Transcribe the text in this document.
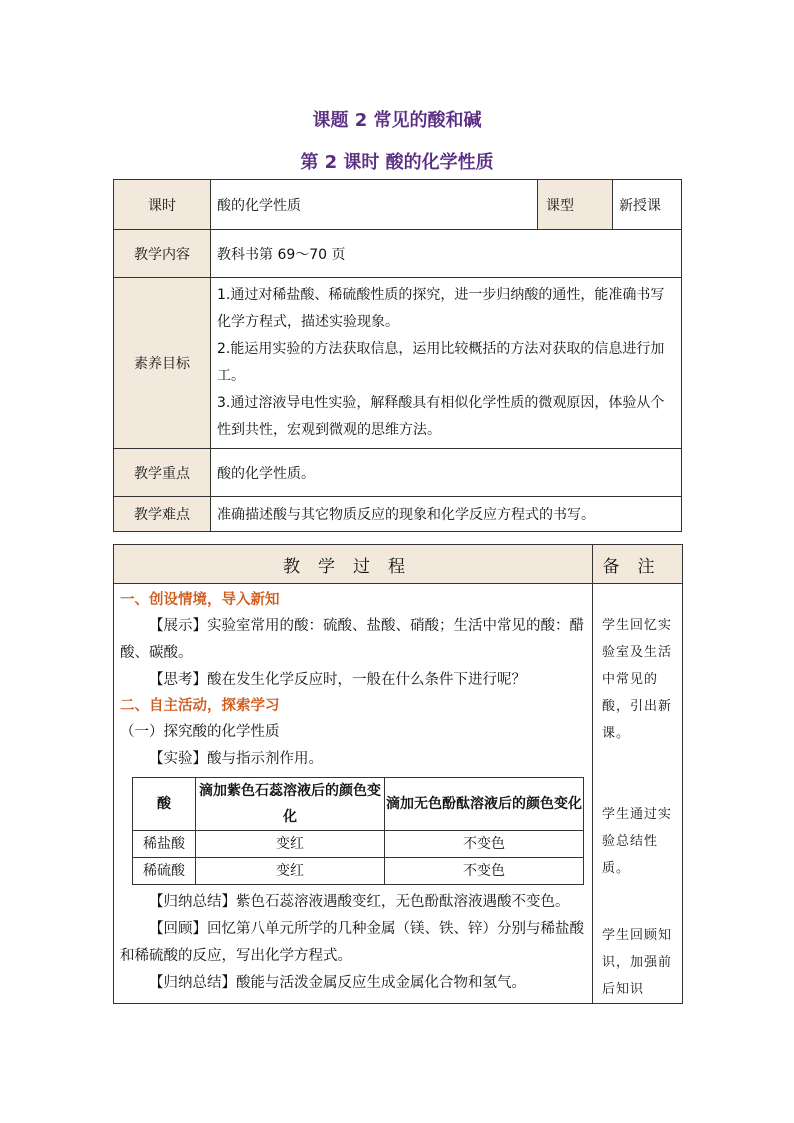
课题 2 常见的酸和碱
第 2 课时 酸的化学性质
课时	酸的化学性质	课型	新授课
教学内容	教科书第 69～70 页		
素养目标	1.通过对稀盐酸、稀硫酸性质的探究，进一步归纳酸的通性，能准确书写化学方程式，描述实验现象。
2.能运用实验的方法获取信息，运用比较概括的方法对获取的信息进行加工。
3.通过溶液导电性实验，解释酸具有相似化学性质的微观原因，体验从个性到共性，宏观到微观的思维方法。		

教学重点	酸的化学性质。		
教学难点	准确描述酸与其它物质反应的现象和化学反应方程式的书写。		
教学过程	备注

一、创设情境，导入新知
【展示】实验室常用的酸：硫酸、盐酸、硝酸；生活中常见的酸：醋酸、碳酸。
【思考】酸在发生化学反应时，一般在什么条件下进行呢？
二、自主活动，探索学习
（一）探究酸的化学性质
【实验】酸与指示剂作用。
酸	滴加紫色石蕊溶液后的颜色变化	滴加无色酚酞溶液后的颜色变化
稀盐酸	变红	不变色
稀硫酸	变红	不变色
【归纳总结】紫色石蕊溶液遇酸变红，无色酚酞溶液遇酸不变色。
【回顾】回忆第八单元所学的几种金属（镁、铁、锌）分别与稀盐酸和稀硫酸的反应，写出化学方程式。
【归纳总结】酸能与活泼金属反应生成金属化合物和氢气。

学生回忆实验室及生活中常见的酸，引出新课。
学生通过实验总结性质。
学生回顾知识，加强前后知识
